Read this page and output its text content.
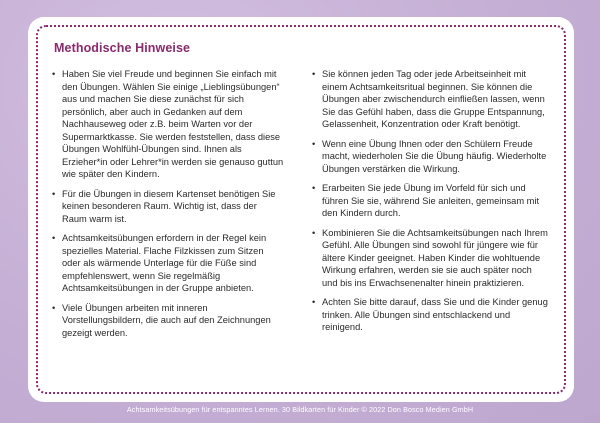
Methodische Hinweise
• Haben Sie viel Freude und beginnen Sie einfach mit den Übungen. Wählen Sie einige „Lieblingsübungen“ aus und machen Sie diese zunächst für sich persönlich, aber auch in Gedanken auf dem Nachhauseweg oder z.B. beim Warten vor der Supermarktkasse. Sie werden feststellen, dass diese Übungen Wohlfühl-Übungen sind. Ihnen als Erzieher*in oder Lehrer*in werden sie genauso guttun wie später den Kindern.
• Für die Übungen in diesem Kartenset benötigen Sie keinen besonderen Raum. Wichtig ist, dass der Raum warm ist.
• Achtsamkeitsübungen erfordern in der Regel kein spezielles Material. Flache Filzkissen zum Sitzen oder als wärmende Unterlage für die Füße sind empfehlenswert, wenn Sie regelmäßig Achtsamkeitsübungen in der Gruppe anbieten.
• Viele Übungen arbeiten mit inneren Vorstellungsbildern, die auch auf den Zeichnungen gezeigt werden.
• Sie können jeden Tag oder jede Arbeitseinheit mit einem Achtsamkeitsritual beginnen. Sie können die Übungen aber zwischendurch einfließen lassen, wenn Sie das Gefühl haben, dass die Gruppe Entspannung, Gelassenheit, Konzentration oder Kraft benötigt.
• Wenn eine Übung Ihnen oder den Schülern Freude macht, wiederholen Sie die Übung häufig. Wiederholte Übungen verstärken die Wirkung.
• Erarbeiten Sie jede Übung im Vorfeld für sich und führen Sie sie, während Sie anleiten, gemeinsam mit den Kindern durch.
• Kombinieren Sie die Achtsamkeitsübungen nach Ihrem Gefühl. Alle Übungen sind sowohl für jüngere wie für ältere Kinder geeignet. Haben Kinder die wohltuende Wirkung erfahren, werden sie sie auch später noch und bis ins Erwachsenenalter hinein praktizieren.
• Achten Sie bitte darauf, dass Sie und die Kinder genug trinken. Alle Übungen sind entschlackend und reinigend.
Achtsamkeitsübungen für entspanntes Lernen. 30 Bildkarten für Kinder © 2022 Don Bosco Medien GmbH
